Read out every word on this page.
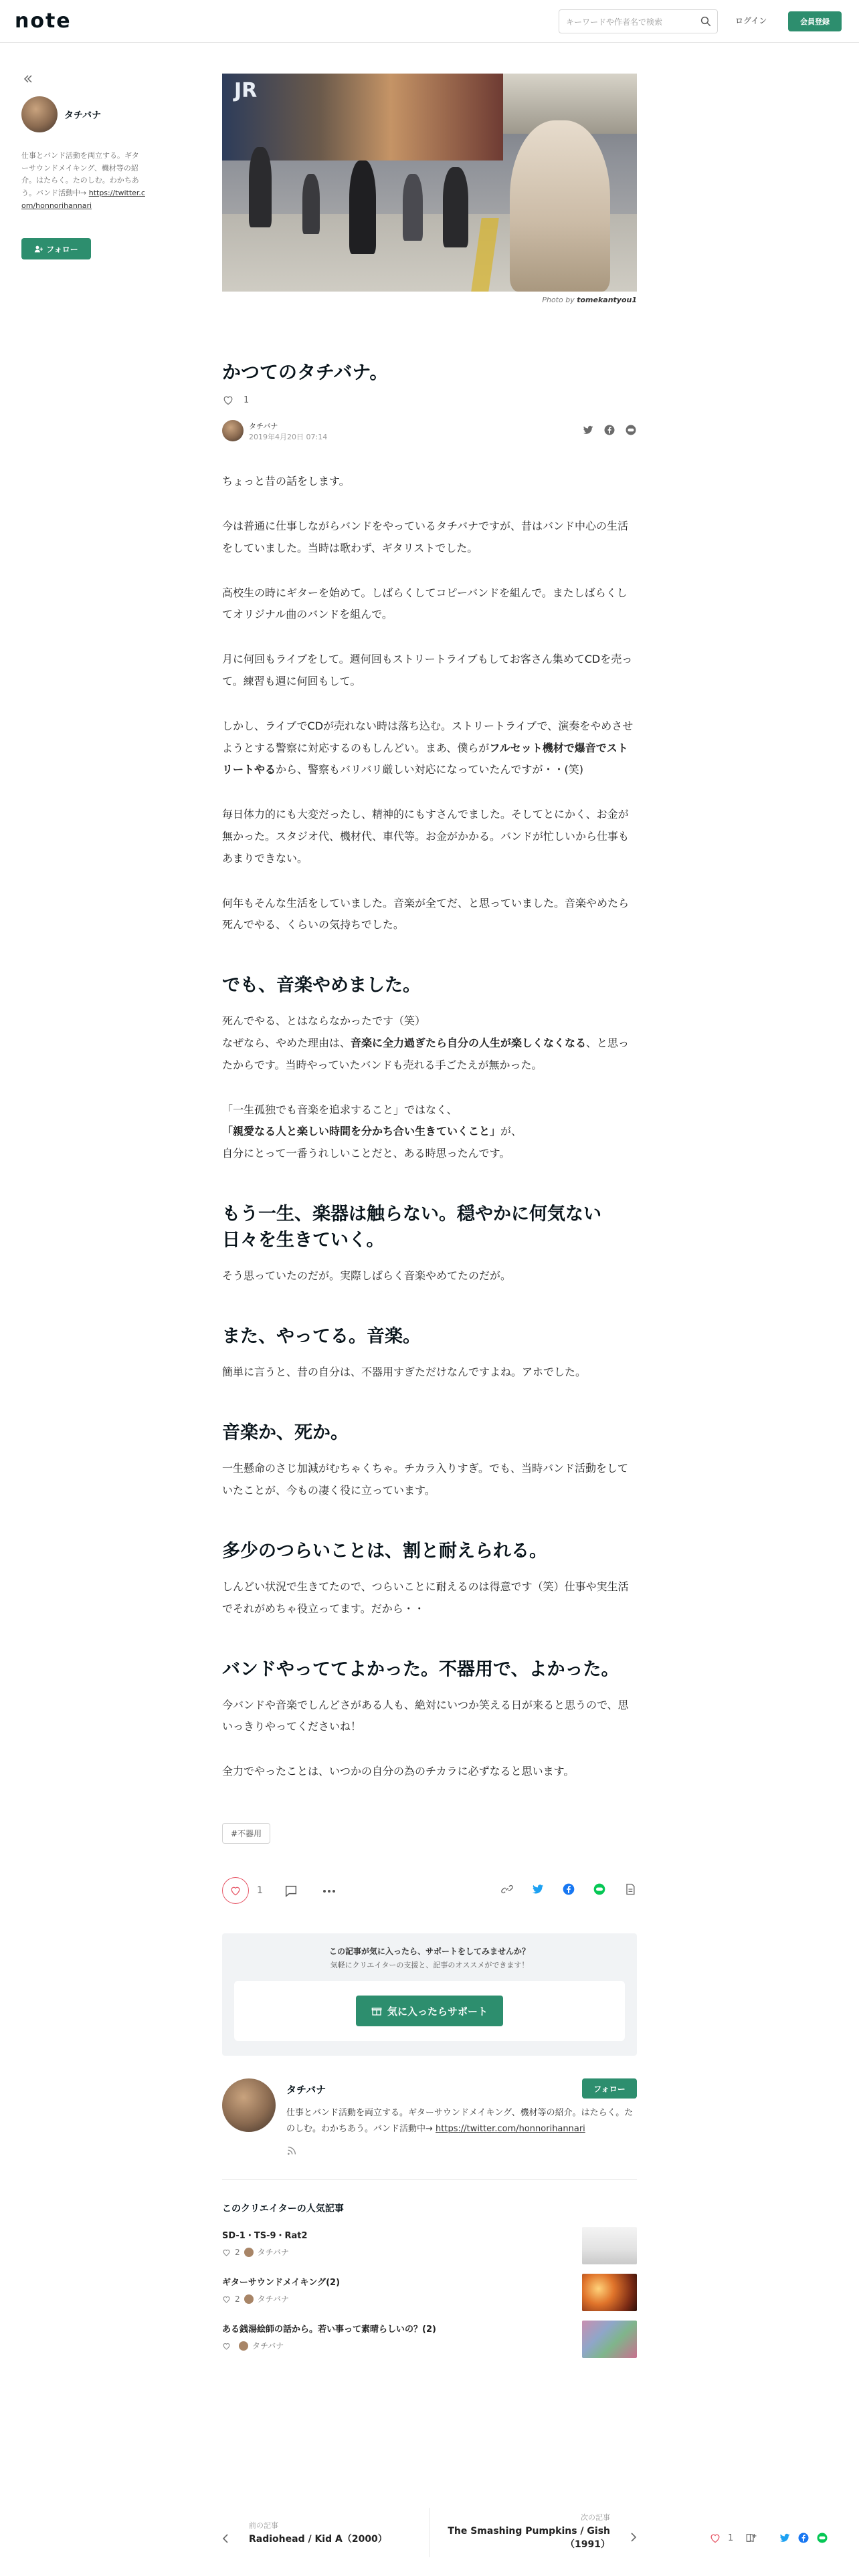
note
キーワードや作者名で検索	ログイン	会員登録
タチバナ
仕事とバンド活動を両立する。ギターサウンドメイキング、機材等の紹介。はたらく。たのしむ。わかちあう。バンド活動中→ https://twitter.com/honnorihannari
フォロー
JR
Photo by tomekantyou1
かつてのタチバナ。
1
タチバナ
2019年4月20日 07:14

ちょっと昔の話をします。

今は普通に仕事しながらバンドをやっているタチバナですが、昔はバンド中心の生活をしていました。当時は歌わず、ギタリストでした。

高校生の時にギターを始めて。しばらくしてコピーバンドを組んで。またしばらくしてオリジナル曲のバンドを組んで。

月に何回もライブをして。週何回もストリートライブもしてお客さん集めてCDを売って。練習も週に何回もして。

しかし、ライブでCDが売れない時は落ち込む。ストリートライブで、演奏をやめさせようとする警察に対応するのもしんどい。まあ、僕らがフルセット機材で爆音でストリートやるから、警察もバリバリ厳しい対応になっていたんですが・・(笑)

毎日体力的にも大変だったし、精神的にもすさんでました。そしてとにかく、お金が無かった。スタジオ代、機材代、車代等。お金がかかる。バンドが忙しいから仕事もあまりできない。

何年もそんな生活をしていました。音楽が全てだ、と思っていました。音楽やめたら死んでやる、くらいの気持ちでした。

でも、音楽やめました。

死んでやる、とはならなかったです（笑）

なぜなら、やめた理由は、音楽に全力過ぎたら自分の人生が楽しくなくなる、と思ったからです。当時やっていたバンドも売れる手ごたえが無かった。

「一生孤独でも音楽を追求すること」ではなく、

「親愛なる人と楽しい時間を分かち合い生きていくこと」が、

自分にとって一番うれしいことだと、ある時思ったんです。

もう一生、楽器は触らない。穏やかに何気ない日々を生きていく。

そう思っていたのだが。実際しばらく音楽やめてたのだが。

また、やってる。音楽。

簡単に言うと、昔の自分は、不器用すぎただけなんですよね。アホでした。

音楽か、死か。

一生懸命のさじ加減がむちゃくちゃ。チカラ入りすぎ。でも、当時バンド活動をしていたことが、今もの凄く役に立っています。

多少のつらいことは、割と耐えられる。

しんどい状況で生きてたので、つらいことに耐えるのは得意です（笑）仕事や実生活でそれがめちゃ役立ってます。だから・・

バンドやっててよかった。不器用で、よかった。

今バンドや音楽でしんどさがある人も、絶対にいつか笑える日が来ると思うので、思いっきりやってくださいね！

全力でやったことは、いつかの自分の為のチカラに必ずなると思います。

#不器用
1
この記事が気に入ったら、サポートをしてみませんか？
気軽にクリエイターの支援と、記事のオススメができます！
気に入ったらサポート
タチバナ	フォロー
仕事とバンド活動を両立する。ギターサウンドメイキング、機材等の紹介。はたらく。たのしむ。わかちあう。バンド活動中→ https://twitter.com/honnorihannari
このクリエイターの人気記事
SD-1・TS-9・Rat2
2 タチバナ
ギターサウンドメイキング(2)
2 タチバナ
ある銭湯絵師の話から。若い事って素晴らしいの？(2)
タチバナ
前の記事
Radiohead / Kid A（2000）
次の記事
The Smashing Pumpkins / Gish（1991）
1
